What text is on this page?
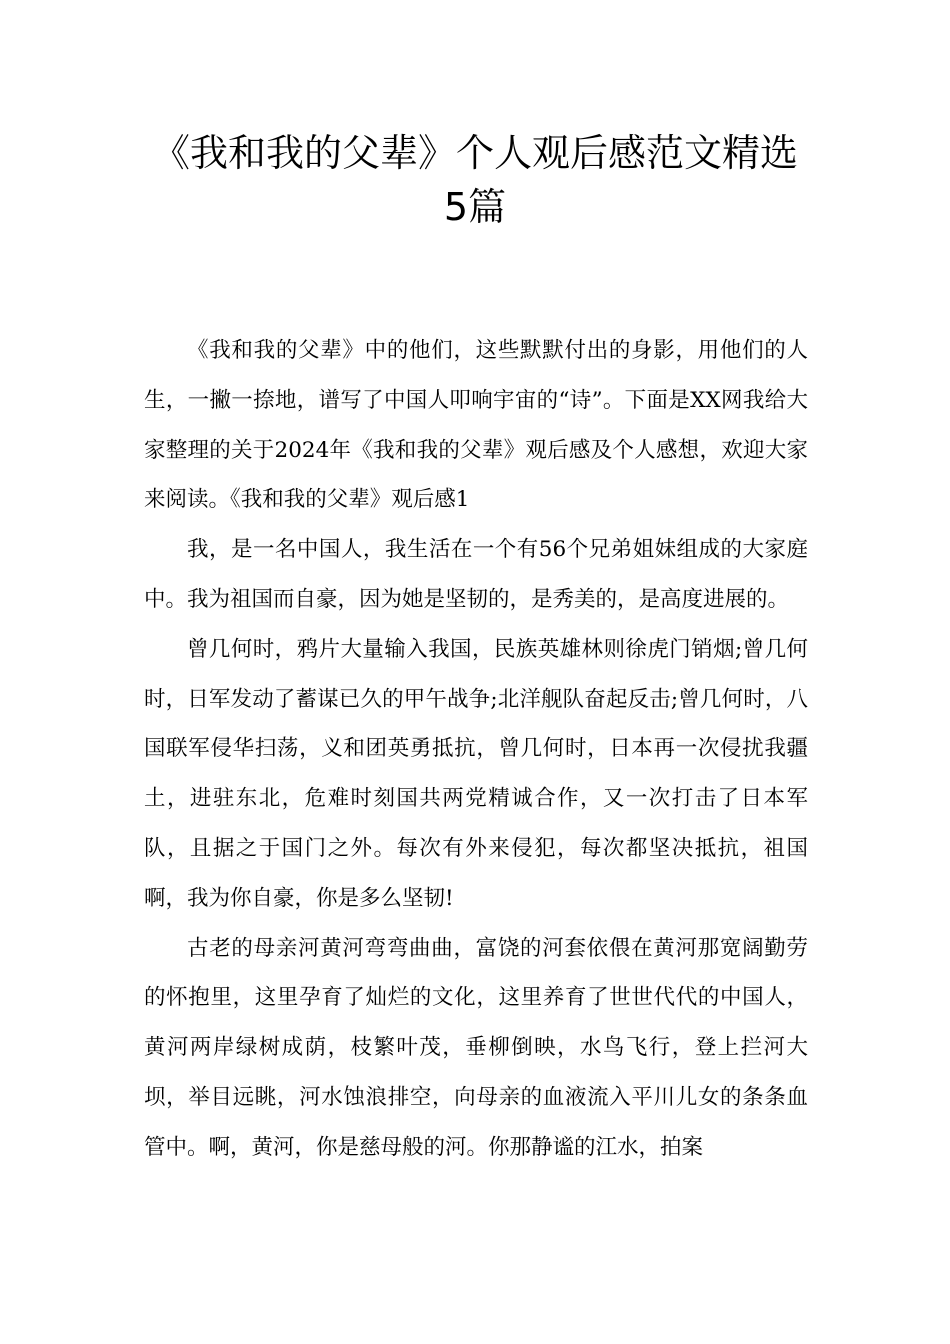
《我和我的父辈》个人观后感范文精选
5篇

《我和我的父辈》中的他们，这些默默付出的身影，用他们的人生，一撇一捺地，谱写了中国人叩响宇宙的“诗”。下面是XX网我给大家整理的关于2024年《我和我的父辈》观后感及个人感想，欢迎大家来阅读。《我和我的父辈》观后感1

我，是一名中国人，我生活在一个有56个兄弟姐妹组成的大家庭中。我为祖国而自豪，因为她是坚韧的，是秀美的，是高度进展的。

曾几何时，鸦片大量输入我国，民族英雄林则徐虎门销烟;曾几何时，日军发动了蓄谋已久的甲午战争;北洋舰队奋起反击;曾几何时，八国联军侵华扫荡，义和团英勇抵抗，曾几何时，日本再一次侵扰我疆土，进驻东北，危难时刻国共两党精诚合作，又一次打击了日本军队，且据之于国门之外。每次有外来侵犯，每次都坚决抵抗，祖国啊，我为你自豪，你是多么坚韧!

古老的母亲河黄河弯弯曲曲，富饶的河套依偎在黄河那宽阔勤劳的怀抱里，这里孕育了灿烂的文化，这里养育了世世代代的中国人，黄河两岸绿树成荫，枝繁叶茂，垂柳倒映，水鸟飞行，登上拦河大坝，举目远眺，河水蚀浪排空，向母亲的血液流入平川儿女的条条血管中。啊，黄河，你是慈母般的河。你那静谧的江水，拍案
